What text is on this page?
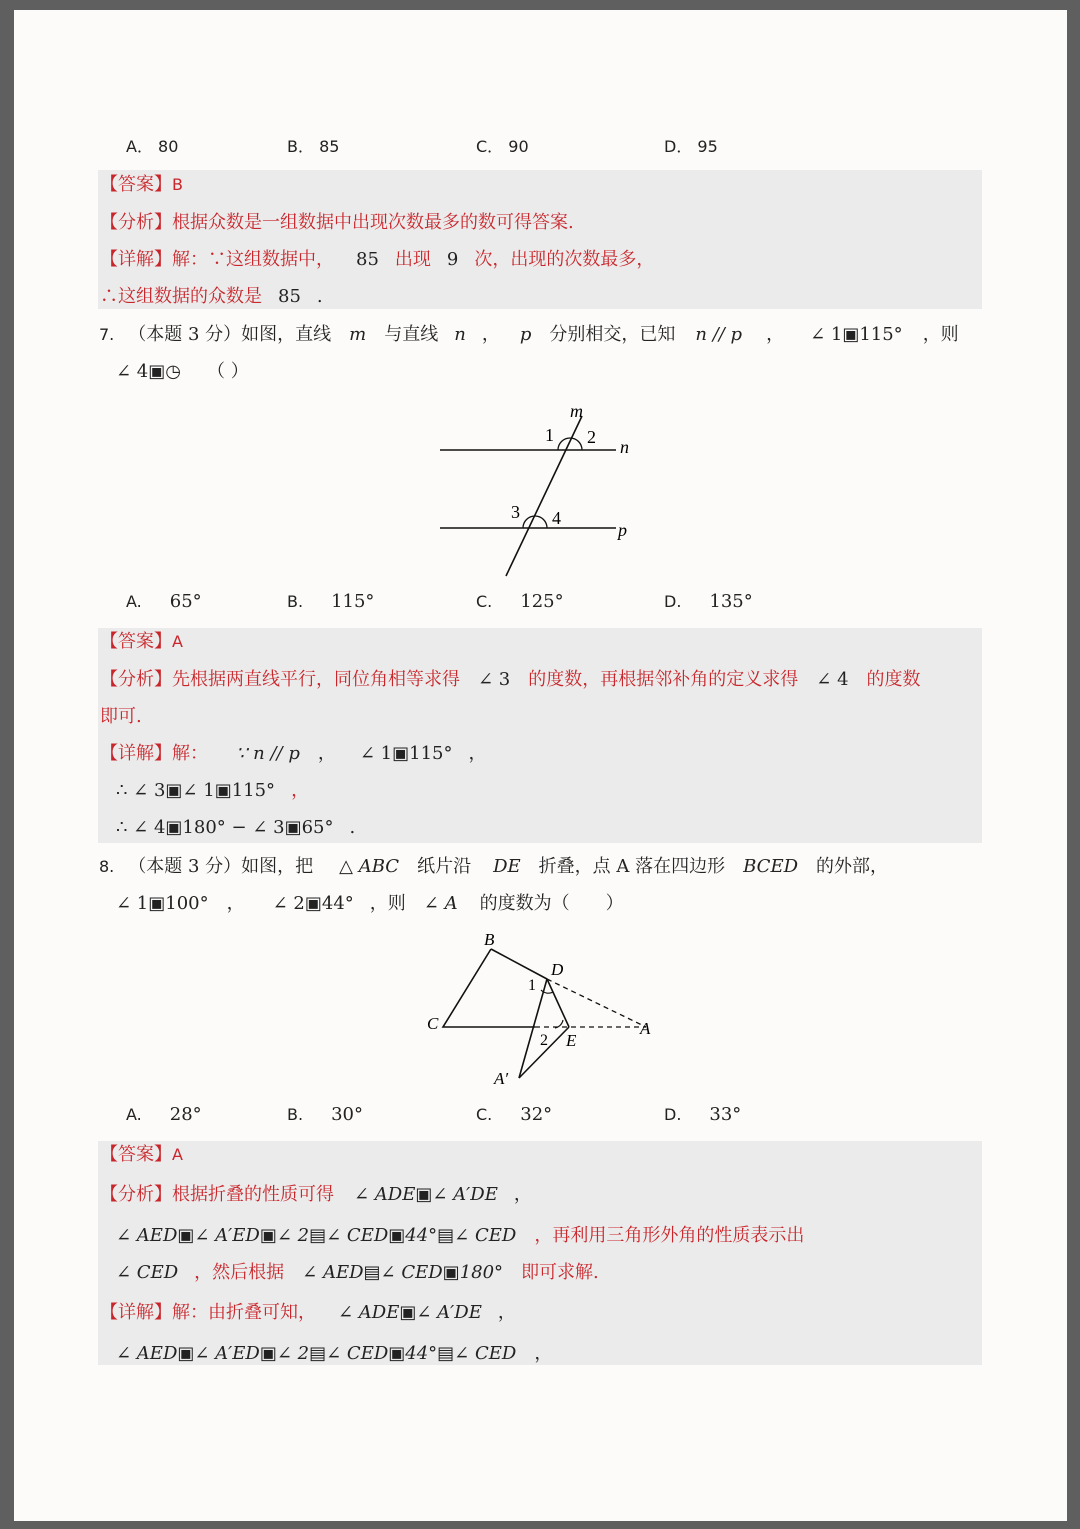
A． 80	B． 85	C． 90	D． 95
【答案】B
【分析】根据众数是一组数据中出现次数最多的数可得答案.
【详解】解：∵这组数据中， 85 出现 9 次，出现的次数最多，
∴这组数据的众数是 85 .
7. （本题 3 分）如图，直线 m 与直线 n ， p 分别相交，已知 n // p ， ∠ 1▣115° ，则
∠ 4▣◷ （ ）
m
n
p
1 2
3 4
A. 65°	B. 115°	C. 125°	D. 135°
【答案】A
【分析】先根据两直线平行，同位角相等求得 ∠ 3 的度数，再根据邻补角的定义求得 ∠ 4 的度数
即可.
【详解】解： ∵ n // p ， ∠ 1▣115° ，
∴ ∠ 3▣∠ 1▣115° ，
∴ ∠ 4▣180° − ∠ 3▣65° .
8. （本题 3 分）如图，把 △ ABC 纸片沿 DE 折叠，点 A 落在四边形 BCED 的外部，
∠ 1▣100° ， ∠ 2▣44° ，则 ∠ A 的度数为（　　）
B
D
C	A
E
A′
1
2
A. 28°	B. 30°	C. 32°	D. 33°
【答案】A
【分析】根据折叠的性质可得 ∠ ADE▣∠ A′DE ，
∠ AED▣∠ A′ED▣∠ 2▤∠ CED▣44°▤∠ CED ，再利用三角形外角的性质表示出
∠ CED ，然后根据 ∠ AED▤∠ CED▣180° 即可求解.
【详解】解：由折叠可知， ∠ ADE▣∠ A′DE ，
∠ AED▣∠ A′ED▣∠ 2▤∠ CED▣44°▤∠ CED ，
